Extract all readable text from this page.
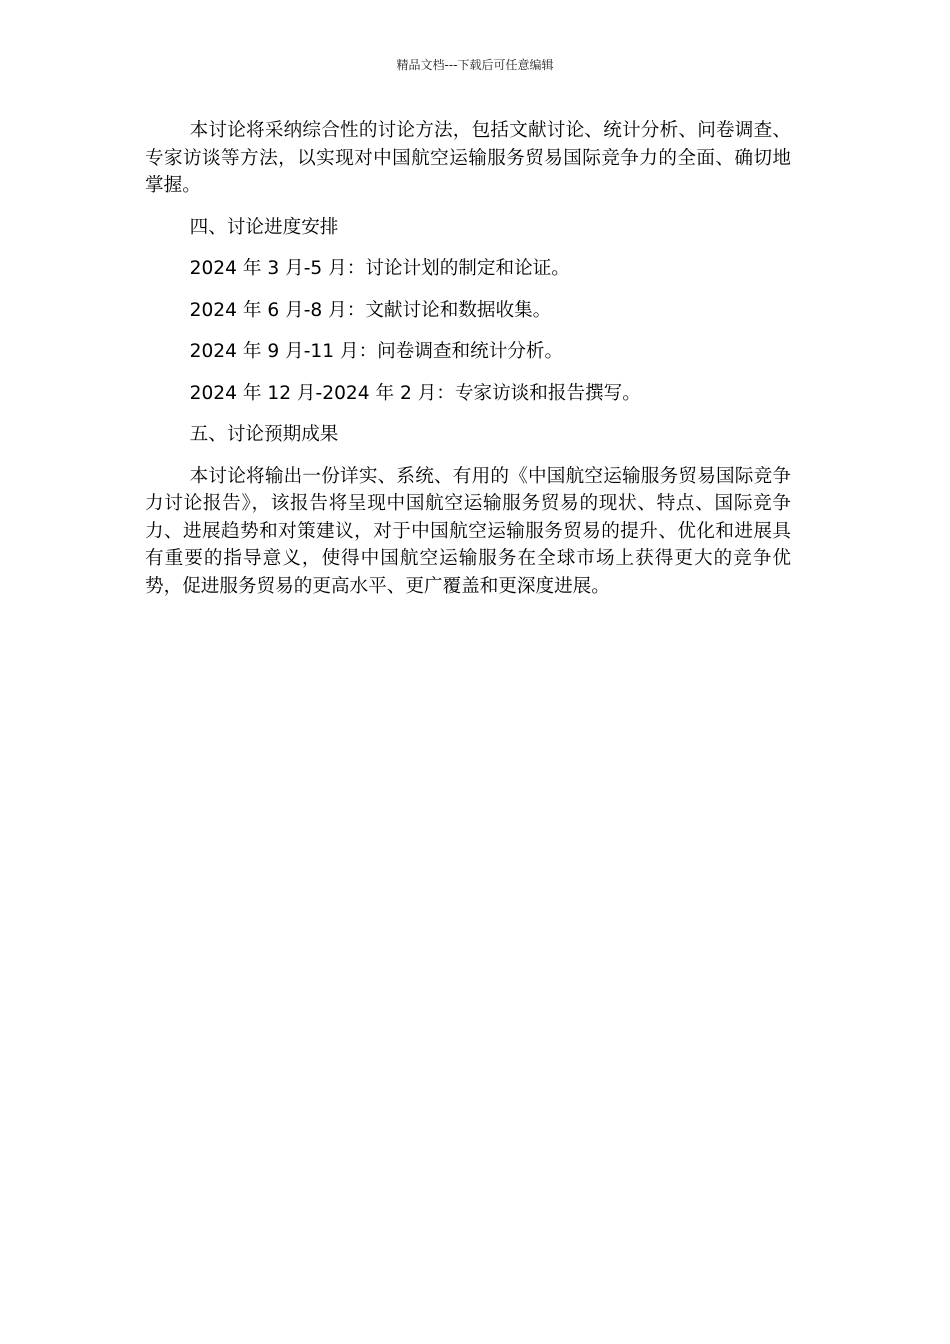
精品文档---下载后可任意编辑

本讨论将采纳综合性的讨论方法，包括文献讨论、统计分析、问卷调查、专家访谈等方法，以实现对中国航空运输服务贸易国际竞争力的全面、确切地掌握。

四、讨论进度安排

2024 年 3 月-5 月：讨论计划的制定和论证。

2024 年 6 月-8 月：文献讨论和数据收集。

2024 年 9 月-11 月：问卷调查和统计分析。

2024 年 12 月-2024 年 2 月：专家访谈和报告撰写。

五、讨论预期成果

本讨论将输出一份详实、系统、有用的《中国航空运输服务贸易国际竞争力讨论报告》，该报告将呈现中国航空运输服务贸易的现状、特点、国际竞争力、进展趋势和对策建议，对于中国航空运输服务贸易的提升、优化和进展具有重要的指导意义，使得中国航空运输服务在全球市场上获得更大的竞争优势，促进服务贸易的更高水平、更广覆盖和更深度进展。
